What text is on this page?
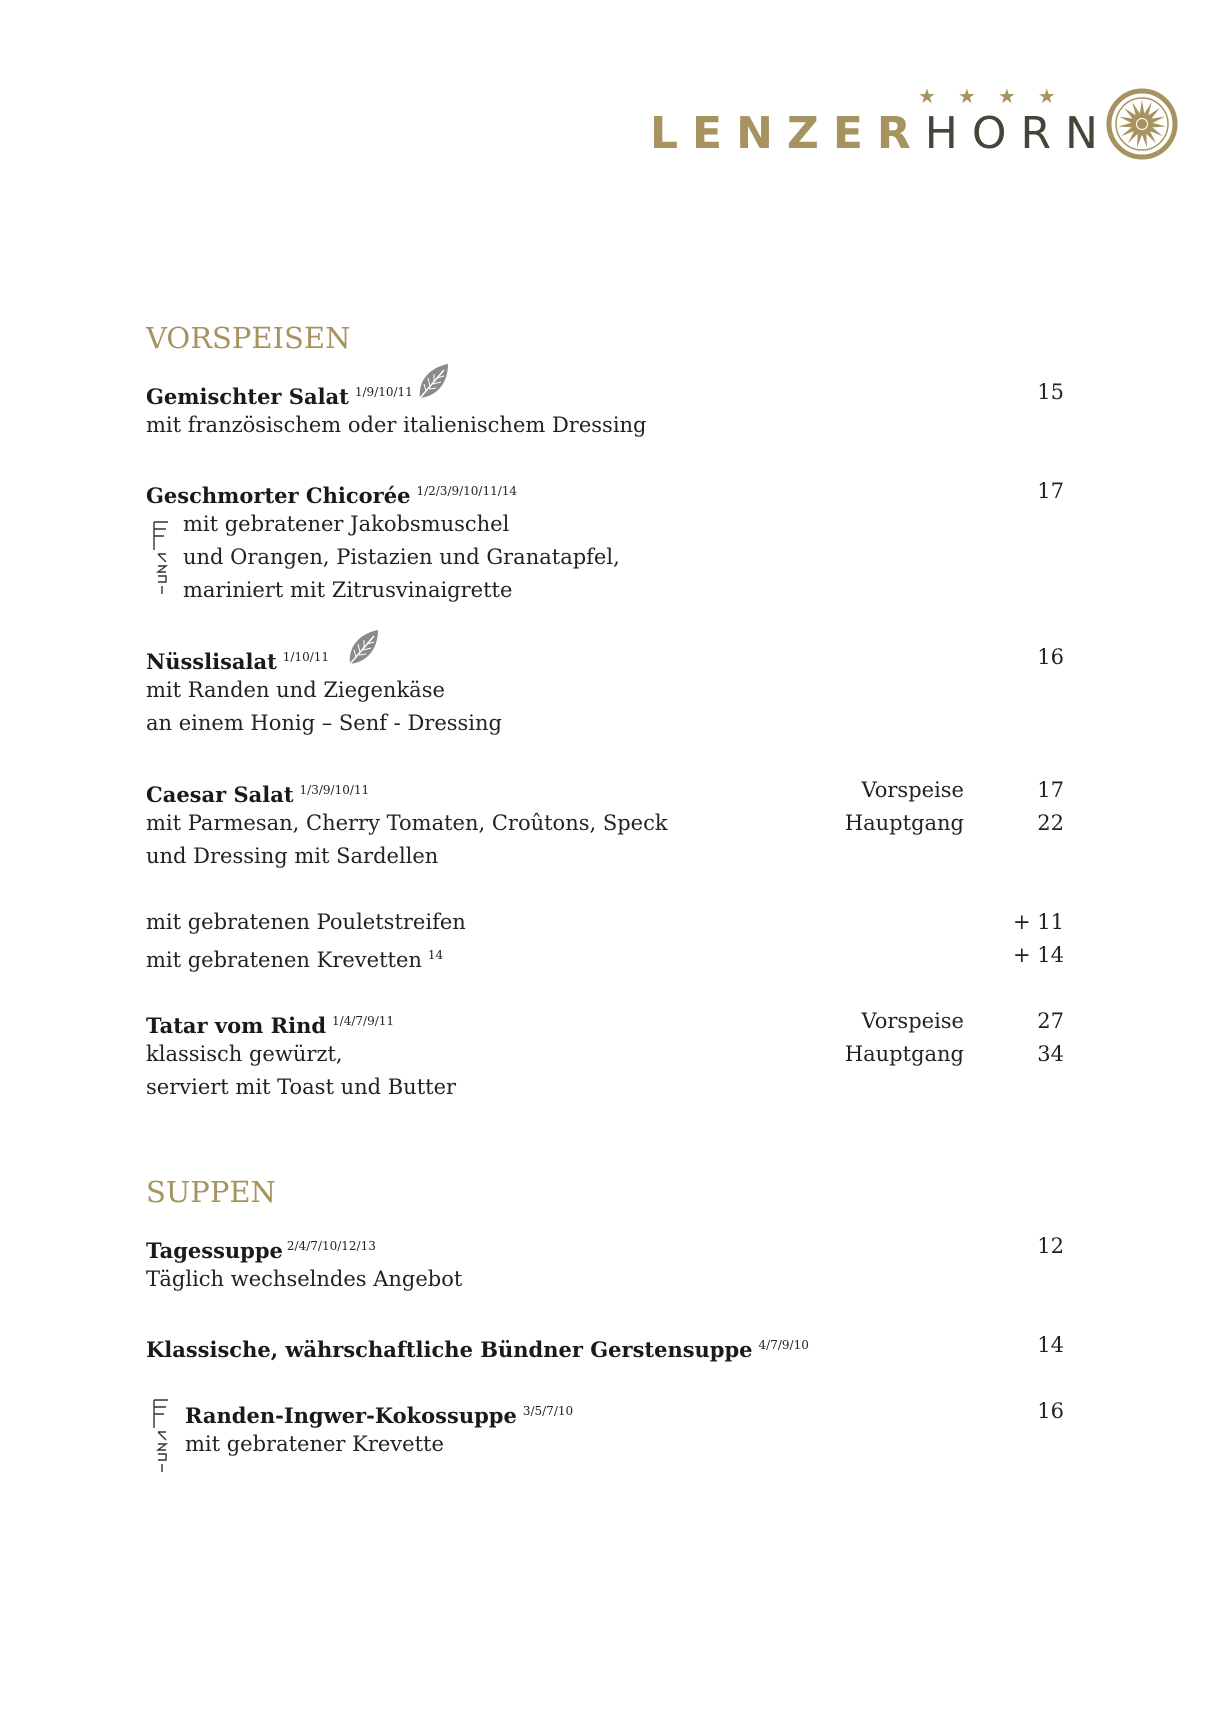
★★★★
LENZERHORN
VORSPEISEN
Gemischter Salat $^{1/9/10/11}$	15
mit französischem oder italienischem Dressing
Geschmorter Chicorée $^{1/2/3/9/10/11/14}$	17
mit gebratener Jakobsmuschel
und Orangen, Pistazien und Granatapfel,
mariniert mit Zitrusvinaigrette
Nüsslisalat $^{1/10/11}$	16
mit Randen und Ziegenkäse
an einem Honig – Senf - Dressing
Caesar Salat $^{1/3/9/10/11}$	Vorspeise	17
mit Parmesan, Cherry Tomaten, Croûtons, Speck	Hauptgang	22
und Dressing mit Sardellen
mit gebratenen Pouletstreifen	+ 11
mit gebratenen Krevetten $^{14}$	+ 14
Tatar vom Rind $^{1/4/7/9/11}$	Vorspeise	27
klassisch gewürzt,	Hauptgang	34
serviert mit Toast und Butter
SUPPEN
Tagessuppe $^{2/4/7/10/12/13}$	12
Täglich wechselndes Angebot
Klassische, währschaftliche Bündner Gerstensuppe $^{4/7/9/10}$	14
Randen-Ingwer-Kokossuppe $^{3/5/7/10}$	16
mit gebratener Krevette
